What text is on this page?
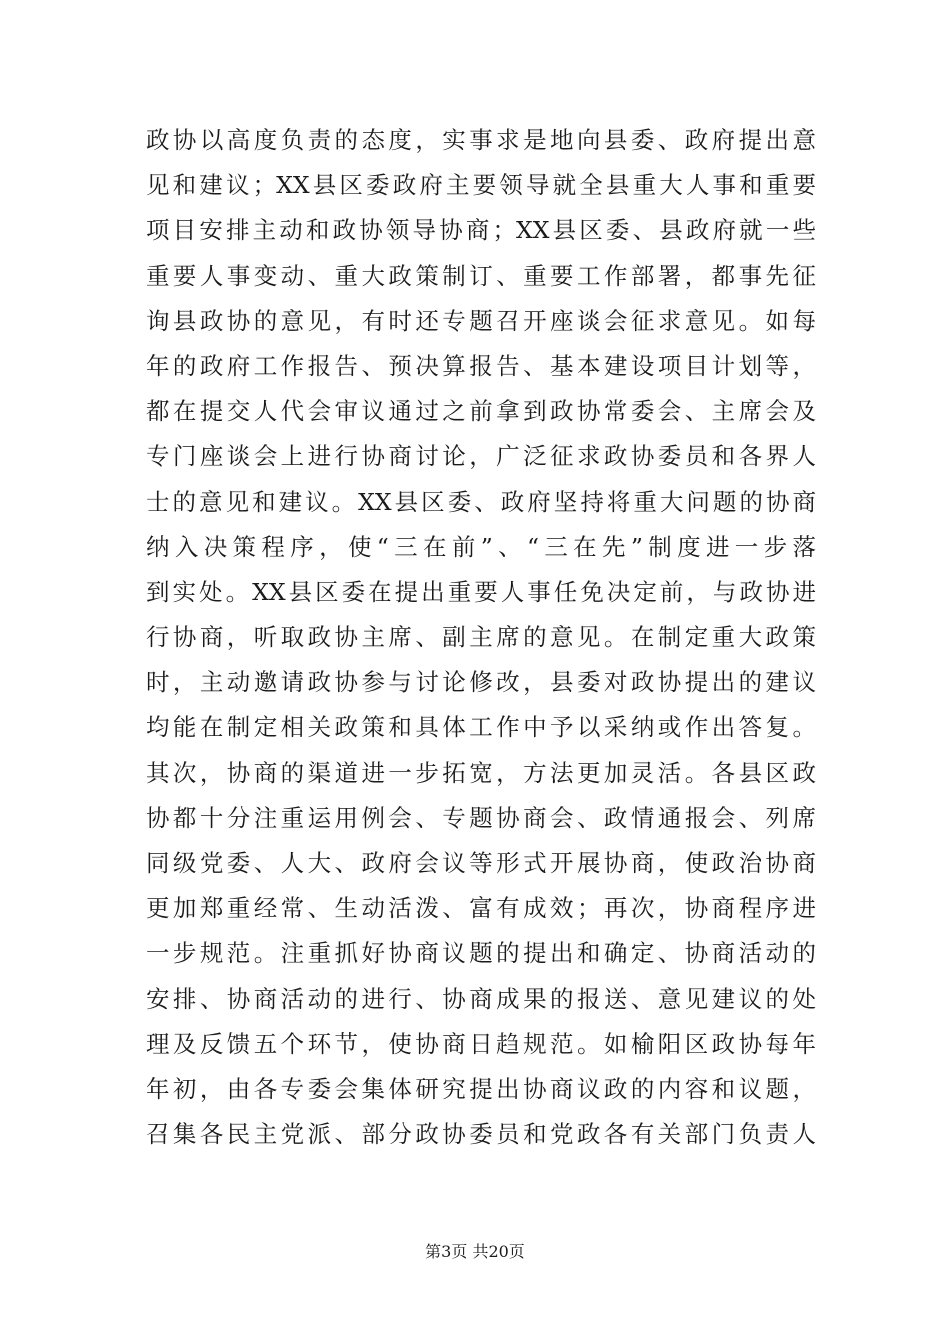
政协以高度负责的态度，实事求是地向县委、政府提出意
见和建议；XX县区委政府主要领导就全县重大人事和重要
项目安排主动和政协领导协商；XX县区委、县政府就一些
重要人事变动、重大政策制订、重要工作部署，都事先征
询县政协的意见，有时还专题召开座谈会征求意见。如每
年的政府工作报告、预决算报告、基本建设项目计划等，
都在提交人代会审议通过之前拿到政协常委会、主席会及
专门座谈会上进行协商讨论，广泛征求政协委员和各界人
士的意见和建议。XX县区委、政府坚持将重大问题的协商
纳入决策程序，使“三在前”、“三在先”制度进一步落
到实处。XX县区委在提出重要人事任免决定前，与政协进
行协商，听取政协主席、副主席的意见。在制定重大政策
时，主动邀请政协参与讨论修改，县委对政协提出的建议
均能在制定相关政策和具体工作中予以采纳或作出答复。
其次，协商的渠道进一步拓宽，方法更加灵活。各县区政
协都十分注重运用例会、专题协商会、政情通报会、列席
同级党委、人大、政府会议等形式开展协商，使政治协商
更加郑重经常、生动活泼、富有成效；再次，协商程序进
一步规范。注重抓好协商议题的提出和确定、协商活动的
安排、协商活动的进行、协商成果的报送、意见建议的处
理及反馈五个环节，使协商日趋规范。如榆阳区政协每年
年初，由各专委会集体研究提出协商议政的内容和议题，
召集各民主党派、部分政协委员和党政各有关部门负责人
第3页 共20页
